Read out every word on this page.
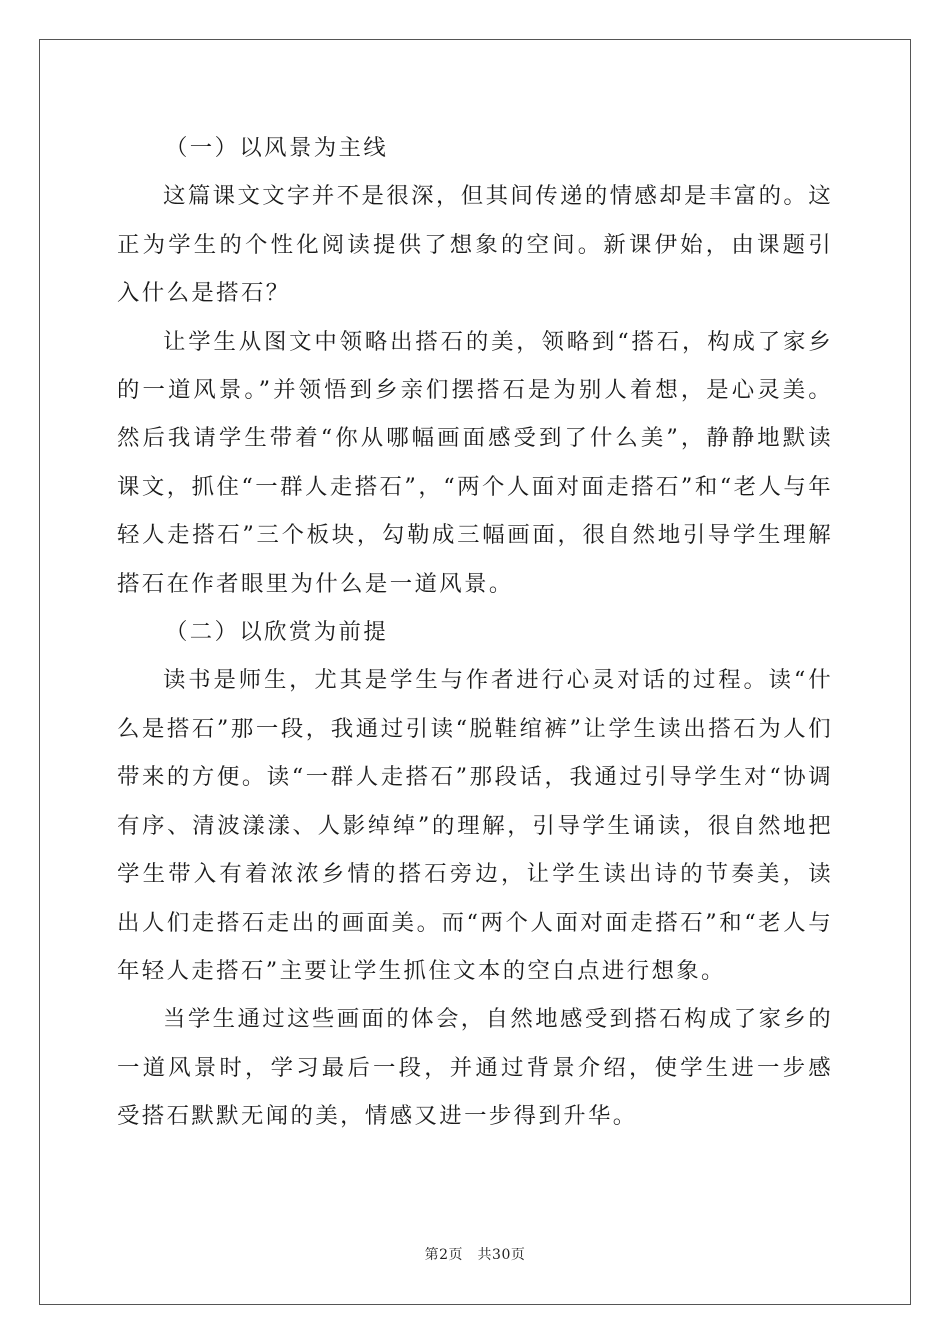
（一）以风景为主线

这篇课文文字并不是很深，但其间传递的情感却是丰富的。这正为学生的个性化阅读提供了想象的空间。新课伊始，由课题引入什么是搭石？

让学生从图文中领略出搭石的美，领略到“搭石，构成了家乡的一道风景。”并领悟到乡亲们摆搭石是为别人着想，是心灵美。然后我请学生带着“你从哪幅画面感受到了什么美”，静静地默读课文，抓住“一群人走搭石”，“两个人面对面走搭石”和“老人与年轻人走搭石”三个板块，勾勒成三幅画面，很自然地引导学生理解搭石在作者眼里为什么是一道风景。

（二）以欣赏为前提

读书是师生，尤其是学生与作者进行心灵对话的过程。读“什么是搭石”那一段，我通过引读“脱鞋绾裤”让学生读出搭石为人们带来的方便。读“一群人走搭石”那段话，我通过引导学生对“协调有序、清波漾漾、人影绰绰”的理解，引导学生诵读，很自然地把学生带入有着浓浓乡情的搭石旁边，让学生读出诗的节奏美，读出人们走搭石走出的画面美。而“两个人面对面走搭石”和“老人与年轻人走搭石”主要让学生抓住文本的空白点进行想象。

当学生通过这些画面的体会，自然地感受到搭石构成了家乡的一道风景时，学习最后一段，并通过背景介绍，使学生进一步感受搭石默默无闻的美，情感又进一步得到升华。

第2页　共30页
